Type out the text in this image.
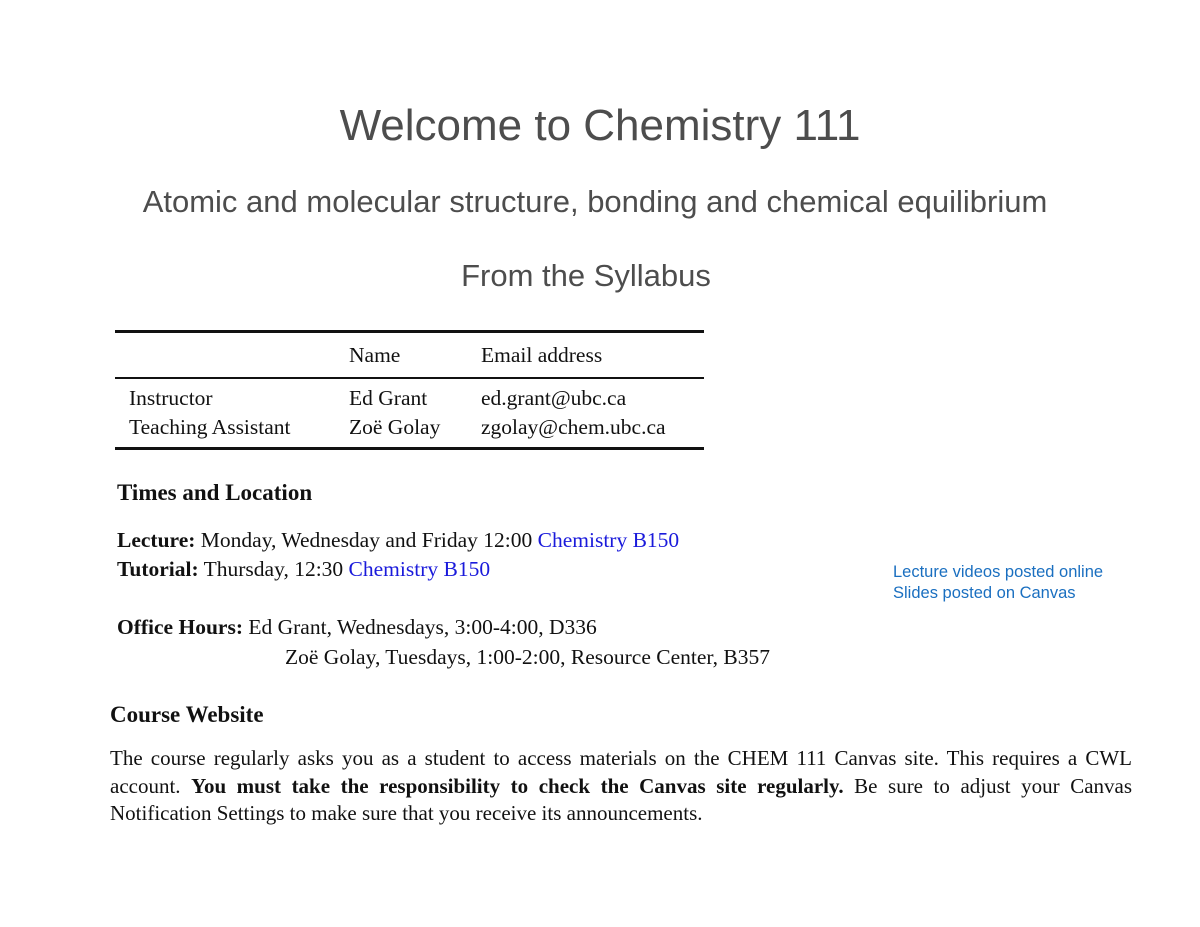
Welcome to Chemistry 111
Atomic and molecular structure, bonding and chemical equilibrium
From the Syllabus
	Name	Email address
Instructor	Ed Grant	ed.grant@ubc.ca
Teaching Assistant	Zoë Golay	zgolay@chem.ubc.ca

Times and Location
Lecture: Monday, Wednesday and Friday 12:00 Chemistry B150
Tutorial: Thursday, 12:30 Chemistry B150	Lecture videos posted online
Slides posted on Canvas
Office Hours: Ed Grant, Wednesdays, 3:00-4:00, D336
Zoë Golay, Tuesdays, 1:00-2:00, Resource Center, B357
Course Website
The course regularly asks you as a student to access materials on the CHEM 111 Canvas site. This requires a CWL account. You must take the responsibility to check the Canvas site regularly. Be sure to adjust your Canvas Notification Settings to make sure that you receive its announcements.
